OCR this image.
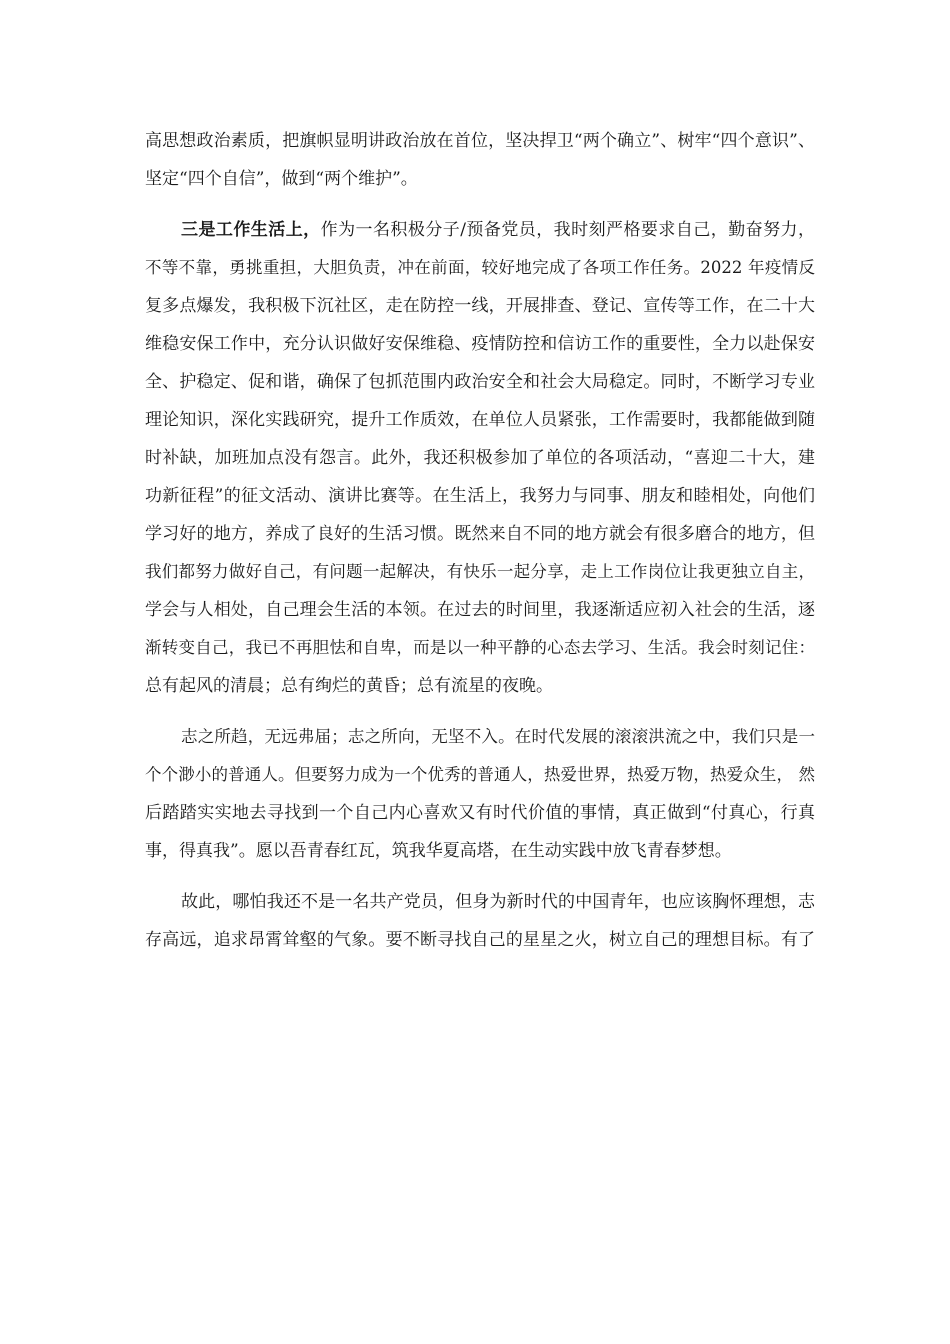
高思想政治素质，把旗帜显明讲政治放在首位，坚决捍卫“两个确立”、树牢“四个意识”、
坚定“四个自信”，做到“两个维护”。

三是工作生活上，作为一名积极分子/预备党员，我时刻严格要求自己，勤奋努力，
不等不靠，勇挑重担，大胆负责，冲在前面，较好地完成了各项工作任务。2022 年疫情反
复多点爆发，我积极下沉社区，走在防控一线，开展排查、登记、宣传等工作，在二十大
维稳安保工作中，充分认识做好安保维稳、疫情防控和信访工作的重要性，全力以赴保安
全、护稳定、促和谐，确保了包抓范围内政治安全和社会大局稳定。同时，不断学习专业
理论知识，深化实践研究，提升工作质效，在单位人员紧张，工作需要时，我都能做到随
时补缺，加班加点没有怨言。此外，我还积极参加了单位的各项活动，“喜迎二十大，建
功新征程”的征文活动、演讲比赛等。在生活上，我努力与同事、朋友和睦相处，向他们
学习好的地方，养成了良好的生活习惯。既然来自不同的地方就会有很多磨合的地方，但
我们都努力做好自己，有问题一起解决，有快乐一起分享，走上工作岗位让我更独立自主，
学会与人相处，自己理会生活的本领。在过去的时间里，我逐渐适应初入社会的生活，逐
渐转变自己，我已不再胆怯和自卑，而是以一种平静的心态去学习、生活。我会时刻记住：
总有起风的清晨；总有绚烂的黄昏；总有流星的夜晚。

志之所趋，无远弗届；志之所向，无坚不入。在时代发展的滚滚洪流之中，我们只是一
个个渺小的普通人。但要努力成为一个优秀的普通人，热爱世界，热爱万物，热爱众生， 然
后踏踏实实地去寻找到一个自己内心喜欢又有时代价值的事情，真正做到“付真心，行真
事，得真我”。愿以吾青春红瓦，筑我华夏高塔，在生动实践中放飞青春梦想。

故此，哪怕我还不是一名共产党员，但身为新时代的中国青年，也应该胸怀理想，志
存高远，追求昂霄耸壑的气象。要不断寻找自己的星星之火，树立自己的理想目标。有了
